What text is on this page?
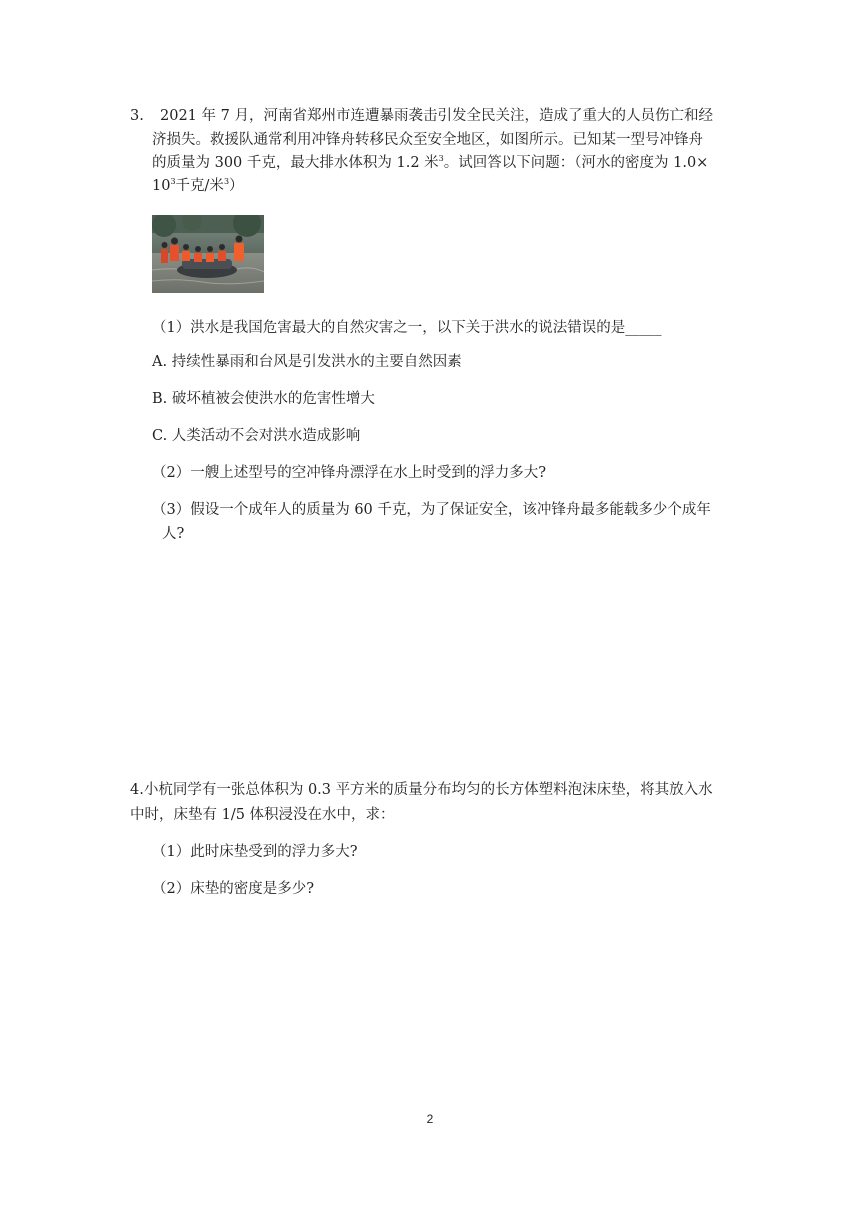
3. 2021 年 7 月，河南省郑州市连遭暴雨袭击引发全民关注，造成了重大的人员伤亡和经
济损失。救援队通常利用冲锋舟转移民众至安全地区，如图所示。已知某一型号冲锋舟
的质量为 300 千克，最大排水体积为 1.2 米$^3$。试回答以下问题：（河水的密度为 1.0×
$10^3$千克/米$^3$）
（1）洪水是我国危害最大的自然灾害之一，以下关于洪水的说法错误的是_____
A. 持续性暴雨和台风是引发洪水的主要自然因素
B. 破坏植被会使洪水的危害性增大
C. 人类活动不会对洪水造成影响
（2）一艘上述型号的空冲锋舟漂浮在水上时受到的浮力多大?
（3）假设一个成年人的质量为 60 千克，为了保证安全，该冲锋舟最多能载多少个成年
人?
4.小杭同学有一张总体积为 0.3 平方米的质量分布均匀的长方体塑料泡沫床垫，将其放入水
中时，床垫有 1/5 体积浸没在水中，求：
（1）此时床垫受到的浮力多大?
（2）床垫的密度是多少?
2
